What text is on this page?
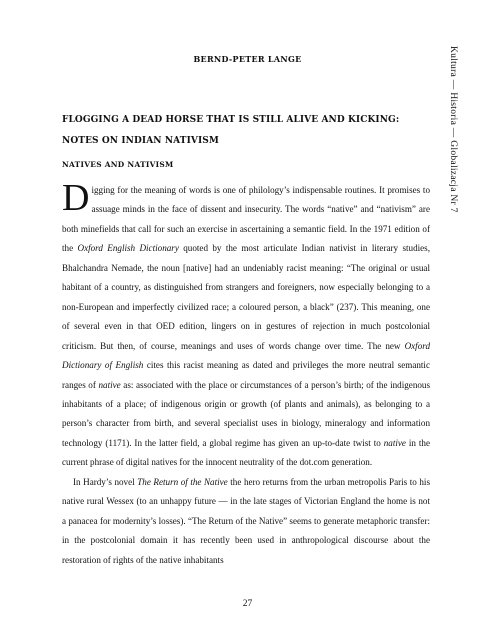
BERND-PETER LANGE	Kultura — Historia — Globalizacja Nr 7
FLOGGING A DEAD HORSE THAT IS STILL ALIVE AND KICKING:
NOTES ON INDIAN NATIVISM
NATIVES AND NATIVISM

Digging for the meaning of words is one of philology’s indispensable routines. It promises to assuage minds in the face of dissent and insecurity. The words “native” and “nativism” are both minefields that call for such an exercise in ascertaining a semantic field. In the 1971 edition of the Oxford English Dictionary quoted by the most articulate Indian nativist in literary studies, Bhalchandra Nemade, the noun [native] had an undeniably racist meaning: “The original or usual habitant of a country, as distinguished from strangers and foreigners, now especially belonging to a non-European and imperfectly civilized race; a coloured person, a black” (237). This meaning, one of several even in that OED edition, lingers on in gestures of rejection in much postcolonial criticism. But then, of course, meanings and uses of words change over time. The new Oxford Dictionary of English cites this racist meaning as dated and privileges the more neutral semantic ranges of native as: associated with the place or circumstances of a person’s birth; of the indigenous inhabitants of a place; of indigenous origin or growth (of plants and animals), as belonging to a person’s character from birth, and several specialist uses in biology, mineralogy and information technology (1171). In the latter field, a global regime has given an up-to-date twist to native in the current phrase of digital natives for the innocent neutrality of the dot.com generation.

In Hardy’s novel The Return of the Native the hero returns from the urban metropolis Paris to his native rural Wessex (to an unhappy future — in the late stages of Victorian England the home is not a panacea for modernity’s losses). “The Return of the Native” seems to generate metaphoric transfer: in the postcolonial domain it has recently been used in anthropological discourse about the restoration of rights of the native inhabitants

27
